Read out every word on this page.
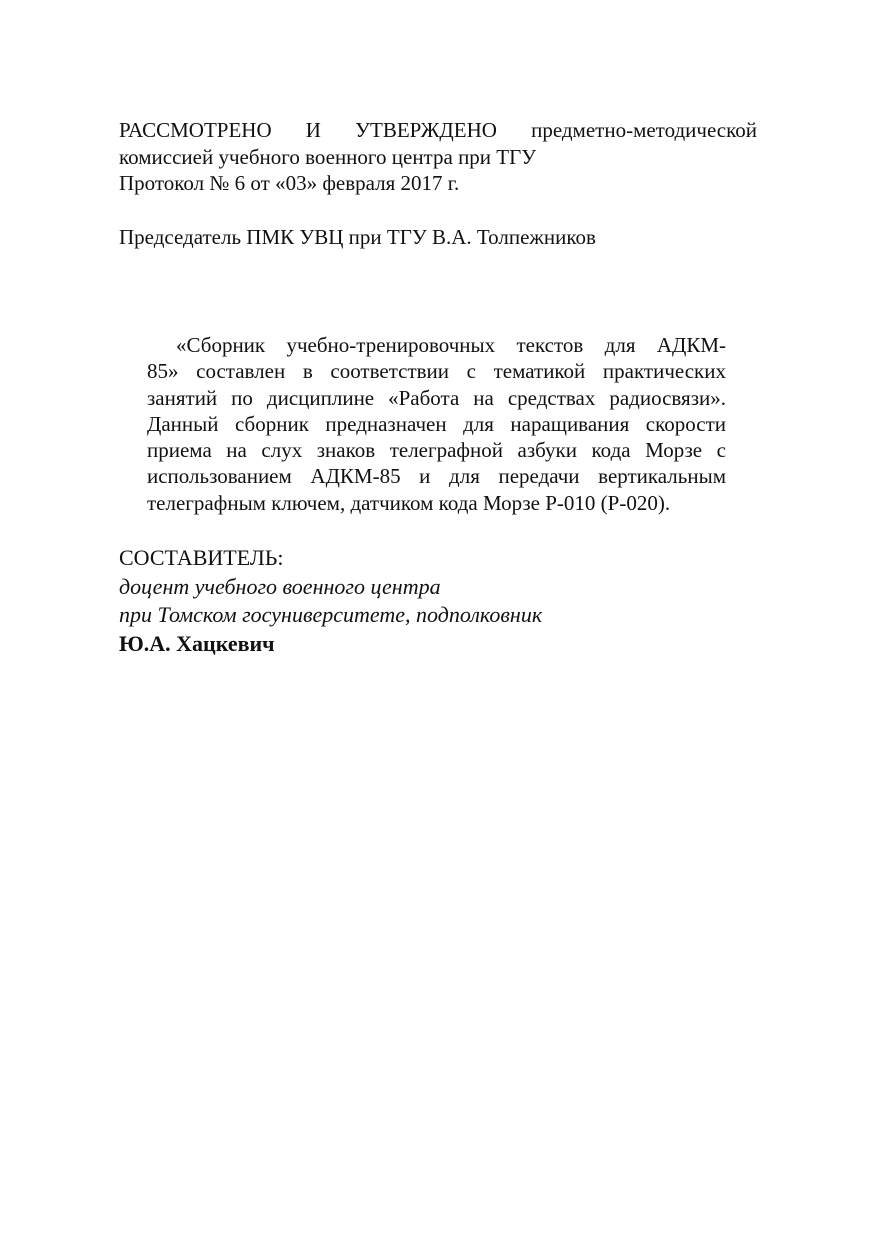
РАССМОТРЕНО И УТВЕРЖДЕНО предметно-методической
комиссией учебного военного центра при ТГУ
Протокол № 6 от «03» февраля 2017 г.
Председатель ПМК УВЦ при ТГУ В.А. Толпежников
«Сборник учебно-тренировочных текстов для АДКМ-
85» составлен в соответствии с тематикой практических
занятий по дисциплине «Работа на средствах радиосвязи».
Данный сборник предназначен для наращивания скорости
приема на слух знаков телеграфной азбуки кода Морзе с
использованием АДКМ-85 и для передачи вертикальным
телеграфным ключем, датчиком кода Морзе Р-010 (Р-020).
СОСТАВИТЕЛЬ:
доцент учебного военного центра
при Томском госуниверситете, подполковник
Ю.А. Хацкевич
